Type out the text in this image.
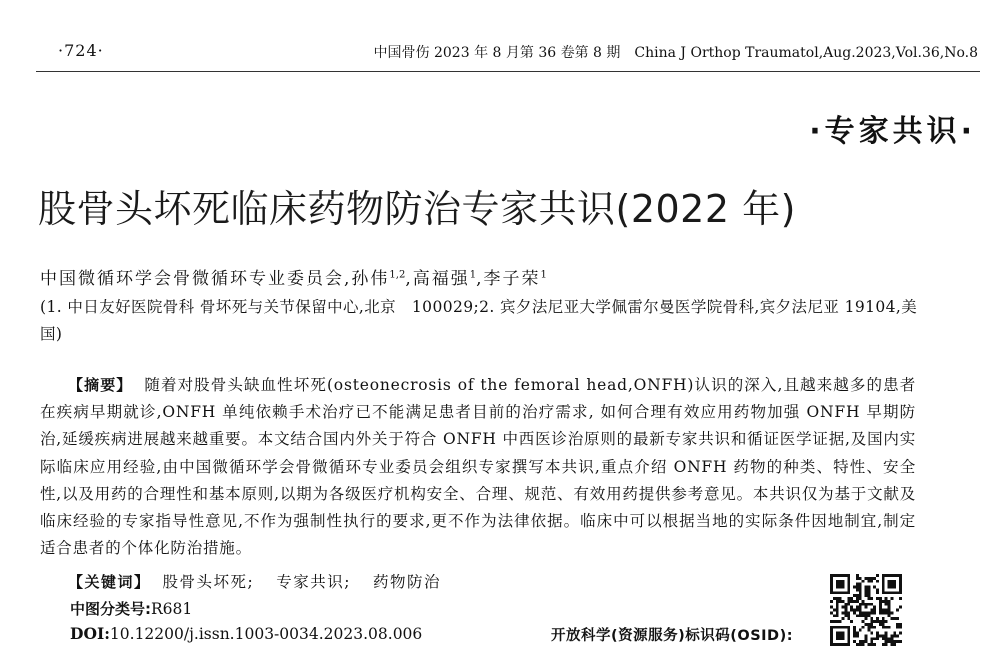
·724·	中国骨伤 2023 年 8 月第 36 卷第 8 期　China J Orthop Traumatol,Aug.2023,Vol.36,No.8
·专家共识·
股骨头坏死临床药物防治专家共识(2022 年)
中国微循环学会骨微循环专业委员会,孙伟$^{1,2}$,高福强$^1$,李子荣$^1$
(1. 中日友好医院骨科 骨坏死与关节保留中心,北京　100029;2. 宾夕法尼亚大学佩雷尔曼医学院骨科,宾夕法尼亚 19104,美国)
【摘要】 随着对股骨头缺血性坏死(osteonecrosis of the femoral head,ONFH)认识的深入,且越来越多的患者在疾病早期就诊,ONFH 单纯依赖手术治疗已不能满足患者目前的治疗需求, 如何合理有效应用药物加强 ONFH 早期防治,延缓疾病进展越来越重要。本文结合国内外关于符合 ONFH 中西医诊治原则的最新专家共识和循证医学证据,及国内实际临床应用经验,由中国微循环学会骨微循环专业委员会组织专家撰写本共识,重点介绍 ONFH 药物的种类、特性、安全性,以及用药的合理性和基本原则,以期为各级医疗机构安全、合理、规范、有效用药提供参考意见。本共识仅为基于文献及临床经验的专家指导性意见,不作为强制性执行的要求,更不作为法律依据。临床中可以根据当地的实际条件因地制宜,制定适合患者的个体化防治措施。
【关键词】 股骨头坏死; 专家共识; 药物防治
中图分类号:R681
DOI:10.12200/j.issn.1003-0034.2023.08.006	开放科学(资源服务)标识码(OSID):
